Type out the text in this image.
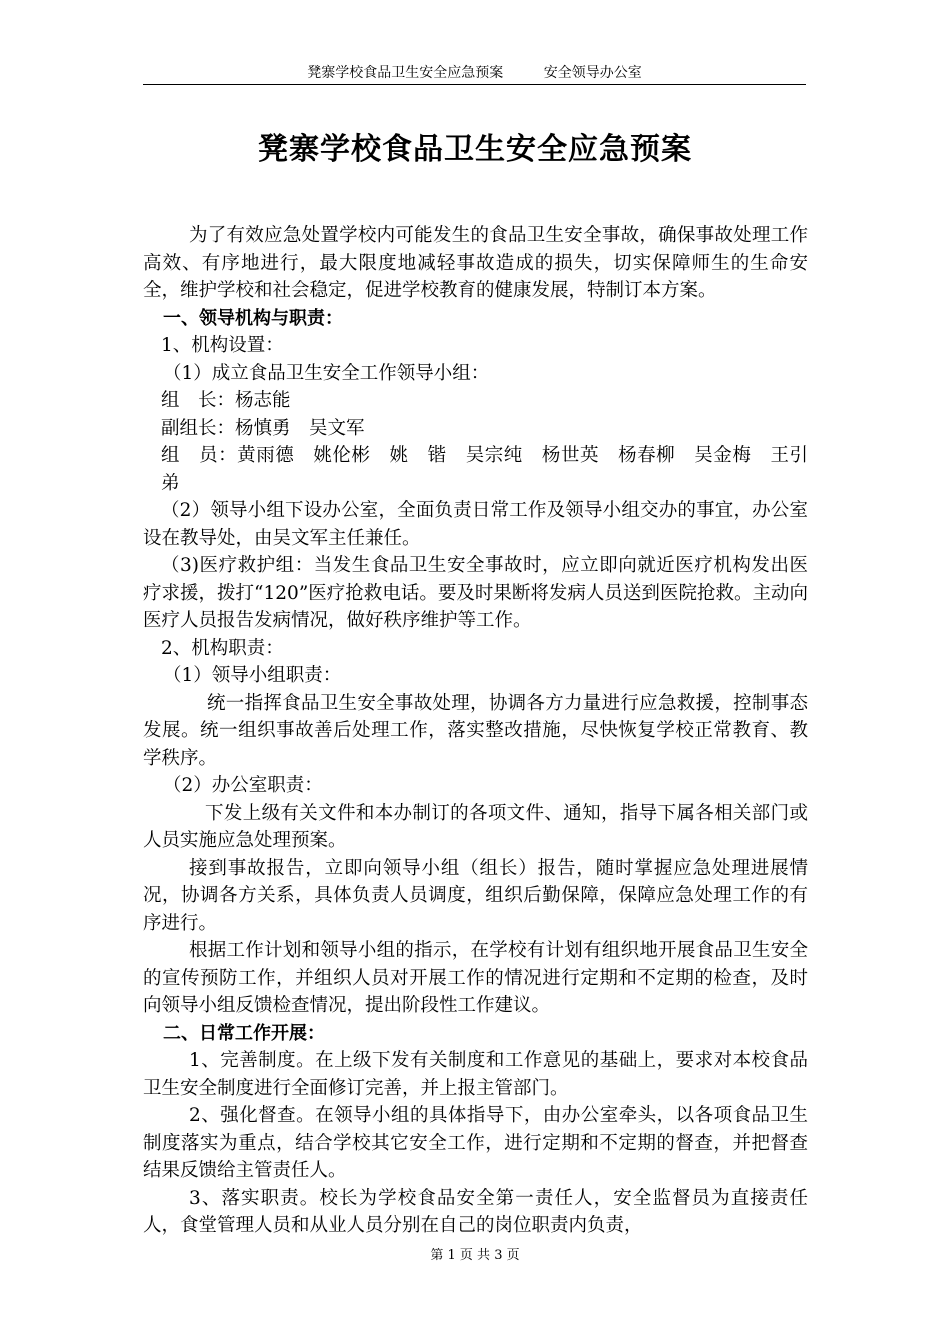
凳寨学校食品卫生安全应急预案	安全领导办公室
凳寨学校食品卫生安全应急预案

为了有效应急处置学校内可能发生的食品卫生安全事故，确保事故处理工作高效、有序地进行，最大限度地减轻事故造成的损失，切实保障师生的生命安全，维护学校和社会稳定，促进学校教育的健康发展，特制订本方案。

一、领导机构与职责：

1、机构设置：

（1）成立食品卫生安全工作领导小组：

组　长：杨志能

副组长：杨慎勇　吴文军

组　员：黄雨德　姚伦彬　姚　锴　吴宗纯　杨世英　杨春柳　吴金梅　王引弟

（2）领导小组下设办公室，全面负责日常工作及领导小组交办的事宜，办公室设在教导处，由吴文军主任兼任。

（3)医疗救护组：当发生食品卫生安全事故时，应立即向就近医疗机构发出医疗求援，拨打“120”医疗抢救电话。要及时果断将发病人员送到医院抢救。主动向医疗人员报告发病情况，做好秩序维护等工作。

2、机构职责：

（1）领导小组职责：

统一指挥食品卫生安全事故处理，协调各方力量进行应急救援，控制事态发展。统一组织事故善后处理工作，落实整改措施，尽快恢复学校正常教育、教学秩序。

（2）办公室职责：

下发上级有关文件和本办制订的各项文件、通知，指导下属各相关部门或人员实施应急处理预案。

接到事故报告，立即向领导小组（组长）报告，随时掌握应急处理进展情况，协调各方关系，具体负责人员调度，组织后勤保障，保障应急处理工作的有序进行。

根据工作计划和领导小组的指示，在学校有计划有组织地开展食品卫生安全的宣传预防工作，并组织人员对开展工作的情况进行定期和不定期的检查，及时向领导小组反馈检查情况，提出阶段性工作建议。

二、日常工作开展：

1、完善制度。在上级下发有关制度和工作意见的基础上，要求对本校食品卫生安全制度进行全面修订完善，并上报主管部门。

2、强化督查。在领导小组的具体指导下，由办公室牵头，以各项食品卫生制度落实为重点，结合学校其它安全工作，进行定期和不定期的督查，并把督查结果反馈给主管责任人。

3、落实职责。校长为学校食品安全第一责任人，安全监督员为直接责任人，食堂管理人员和从业人员分别在自己的岗位职责内负责，

第 1 页 共 3 页
